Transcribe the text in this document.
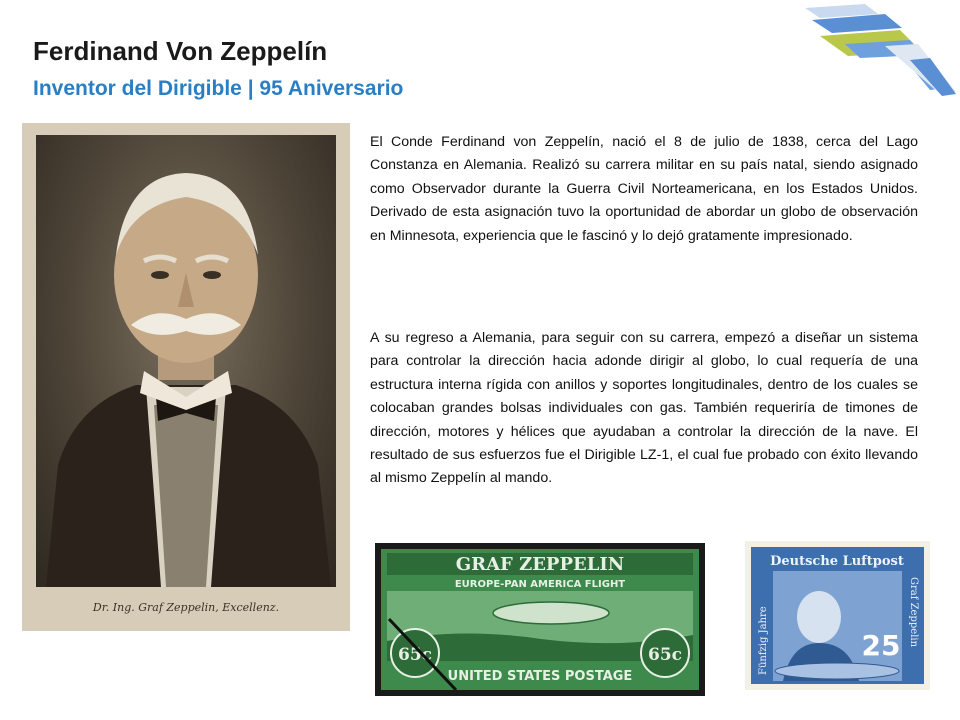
Ferdinand Von Zeppelín
Inventor del Dirigible | 95 Aniversario
Dr. Ing. Graf Zeppelin, Excellenz.

El Conde Ferdinand von Zeppelín, nació el 8 de julio de 1838, cerca del Lago Constanza en Alemania. Realizó su carrera militar en su país natal, siendo asignado como Observador durante la Guerra Civil Norteamericana, en los Estados Unidos. Derivado de esta asignación tuvo la oportunidad de abordar un globo de observación en Minnesota, experiencia que le fascinó y lo dejó gratamente impresionado.

A su regreso a Alemania, para seguir con su carrera, empezó a diseñar un sistema para controlar la dirección hacia adonde dirigir al globo, lo cual requería de una estructura interna rígida con anillos y soportes longitudinales, dentro de los cuales se colocaban grandes bolsas individuales con gas. También requeriría de timones de dirección, motores y hélices que ayudaban a controlar la dirección de la nave. El resultado de sus esfuerzos fue el Dirigible LZ-1, el cual fue probado con éxito llevando al mismo Zeppelín al mando.

GRAF ZEPPELIN
EUROPE-PAN AMERICA FLIGHT
65c	65c
UNITED STATES POSTAGE
Deutsche Luftpost
Fünfzig Jahre	Graf Zeppelin
25
